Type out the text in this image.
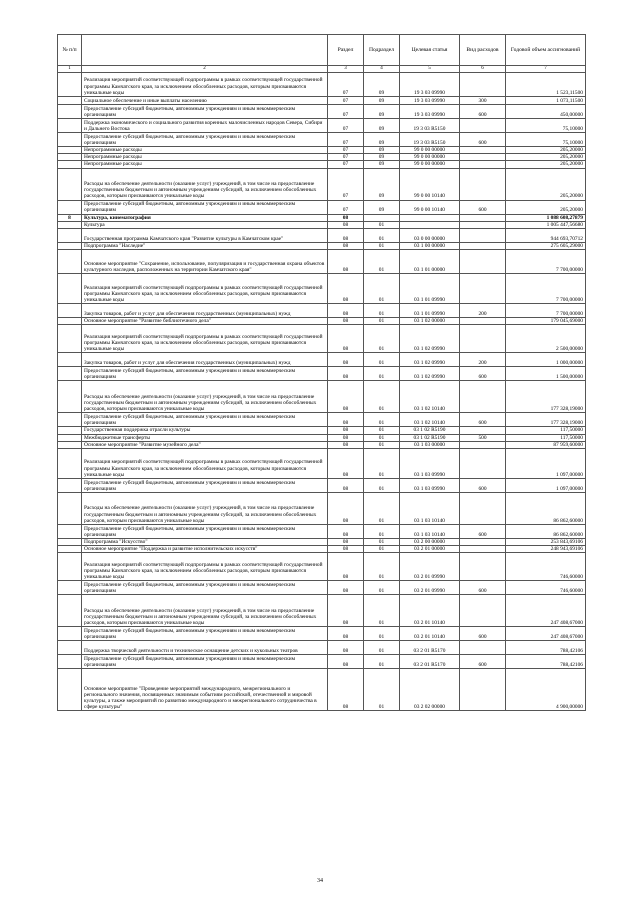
№ п/п		Раздел	Подраздел	Целевая статья	Вид расходов	Годовой объем ассигнований
1	2	3	4	5	6	7
	Реализация мероприятий соответствующей подпрограммы в рамках соответствующей государственной программы Камчатского края, за исключением обособленных расходов, которым присваиваются уникальные коды	07	09	19 3 03 09990		1 523,11500
	Социальное обеспечение и иные выплаты населению	07	09	19 3 03 09990	300	1 073,11500
	Предоставление субсидий бюджетным, автономным учреждениям и иным некоммерческим организациям	07	09	19 3 03 09990	600	450,00000
	Поддержка экономического и социального развития коренных малочисленных народов Севера, Сибири и Дальнего Востока	07	09	19 3 03 R5150		75,10000
	Предоставление субсидий бюджетным, автономным учреждениям и иным некоммерческим организациям	07	09	19 3 03 R5150	600	75,10000
	Непрограммные расходы	07	09	99 0 00 00000		205,20000
	Непрограммные расходы	07	09	99 0 00 00000		205,20000
	Непрограммные расходы	07	09	99 0 00 00000		205,20000
	Расходы на обеспечение деятельности (оказание услуг) учреждений, в том числе на предоставление государственным бюджетным и автономным учреждениям субсидий, за исключением обособленных расходов, которым присваиваются уникальные коды	07	09	99 0 00 10140		205,20000
	Предоставление субсидий бюджетным, автономным учреждениям и иным некоммерческим организациям	07	09	99 0 00 10140	600	205,20000
8	Культура, кинематография	08				1 088 608,27879
	Культура	08	01			1 005 447,56680
	Государственная программа Камчатского края "Развитие культуры в Камчатском крае"	08	01	03 0 00 00000		944 693,70712
	Подпрограмма "Наследие"	08	01	03 1 00 00000		275 605,29000
	Основное мероприятие "Сохранение, использование, популяризация и государственная охрана объектов культурного наследия, расположенных на территории Камчатского края"	08	01	03 1 01 00000		7 700,00000
	Реализация мероприятий соответствующей подпрограммы в рамках соответствующей государственной программы Камчатского края, за исключением обособленных расходов, которым присваиваются уникальные коды	08	01	03 1 01 09990		7 700,00000
	Закупка товаров, работ и услуг для обеспечения государственных (муниципальных) нужд	08	01	03 1 01 09990	200	7 700,00000
	Основное мероприятие "Развитие библиотечного дела"	08	01	03 1 02 00000		179 045,69000
	Реализация мероприятий соответствующей подпрограммы в рамках соответствующей государственной программы Камчатского края, за исключением обособленных расходов, которым присваиваются уникальные коды	08	01	03 1 02 09990		2 500,00000
	Закупка товаров, работ и услуг для обеспечения государственных (муниципальных) нужд	08	01	03 1 02 09990	200	1 000,00000
	Предоставление субсидий бюджетным, автономным учреждениям и иным некоммерческим организациям	08	01	03 1 02 09990	600	1 500,00000
	Расходы на обеспечение деятельности (оказание услуг) учреждений, в том числе на предоставление государственным бюджетным и автономным учреждениям субсидий, за исключением обособленных расходов, которым присваиваются уникальные коды	08	01	03 1 02 10140		177 328,19000
	Предоставление субсидий бюджетным, автономным учреждениям и иным некоммерческим организациям	08	01	03 1 02 10140	600	177 328,19000
	Государственная поддержка отрасли культуры	08	01	03 1 02 R5190		117,50000
	Межбюджетные трансферты	08	01	03 1 02 R5190	500	117,50000
	Основное мероприятие "Развитие музейного дела"	08	01	03 1 03 00000		87 959,60000
	Реализация мероприятий соответствующей подпрограммы в рамках соответствующей государственной программы Камчатского края, за исключением обособленных расходов, которым присваиваются уникальные коды	08	01	03 1 03 09990		1 097,00000
	Предоставление субсидий бюджетным, автономным учреждениям и иным некоммерческим организациям	08	01	03 1 03 09990	600	1 097,00000
	Расходы на обеспечение деятельности (оказание услуг) учреждений, в том числе на предоставление государственным бюджетным и автономным учреждениям субсидий, за исключением обособленных расходов, которым присваиваются уникальные коды	08	01	03 1 03 10140		86 862,60000
	Предоставление субсидий бюджетным, автономным учреждениям и иным некоммерческим организациям	08	01	03 1 03 10140	600	86 862,60000
	Подпрограмма "Искусство"	08	01	03 2 00 00000		253 843,69106
	Основное мероприятие "Поддержка и развитие исполнительских искусств"	08	01	03 2 01 00000		248 943,69106
	Реализация мероприятий соответствующей подпрограммы в рамках соответствующей государственной программы Камчатского края, за исключением обособленных расходов, которым присваиваются уникальные коды	08	01	03 2 01 09990		746,60000
	Предоставление субсидий бюджетным, автономным учреждениям и иным некоммерческим организациям	08	01	03 2 01 09990	600	746,60000
	Расходы на обеспечение деятельности (оказание услуг) учреждений, в том числе на предоставление государственным бюджетным и автономным учреждениям субсидий, за исключением обособленных расходов, которым присваиваются уникальные коды	08	01	03 2 01 10140		247 408,67000
	Предоставление субсидий бюджетным, автономным учреждениям и иным некоммерческим организациям	08	01	03 2 01 10140	600	247 408,67000
	Поддержка творческой деятельности и техническое оснащение детских и кукольных театров	08	01	03 2 01 R5170		788,42106
	Предоставление субсидий бюджетным, автономным учреждениям и иным некоммерческим организациям	08	01	03 2 01 R5170	600	788,42106
	Основное мероприятие "Проведение мероприятий международного, межрегионального и регионального значения, посвященных значимым событиям российской, отечественной и мировой культуры, а также мероприятий по развитию международного и межрегионального сотрудничества в сфере культуры"	08	01	03 2 02 00000		4 900,00000
34
